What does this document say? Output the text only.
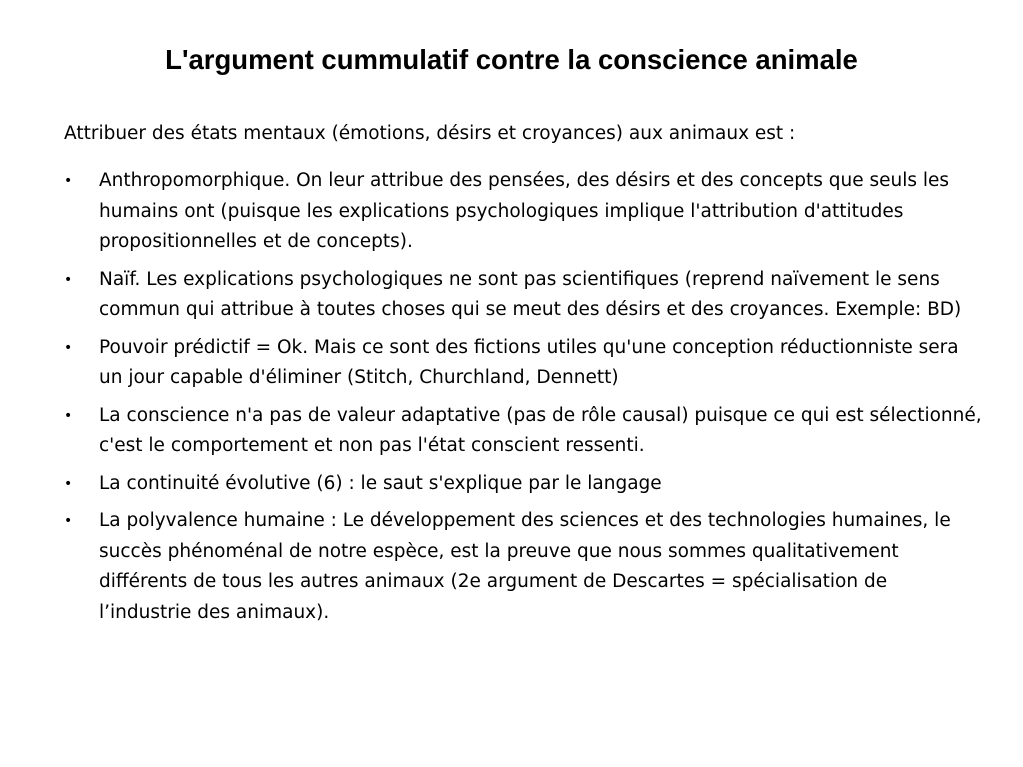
L'argument cummulatif contre la conscience animale

Attribuer des états mentaux (émotions, désirs et croyances) aux animaux est :

• Anthropomorphique. On leur attribue des pensées, des désirs et des concepts que seuls les humains ont (puisque les explications psychologiques implique l'attribution d'attitudes propositionnelles et de concepts).
• Naïf. Les explications psychologiques ne sont pas scientifiques (reprend naïvement le sens commun qui attribue à toutes choses qui se meut des désirs et des croyances. Exemple: BD)
• Pouvoir prédictif = Ok. Mais ce sont des fictions utiles qu'une conception réductionniste sera un jour capable d'éliminer (Stitch, Churchland, Dennett)
• La conscience n'a pas de valeur adaptative (pas de rôle causal) puisque ce qui est sélectionné, c'est le comportement et non pas l'état conscient ressenti.
• La continuité évolutive (6) : le saut s'explique par le langage
• La polyvalence humaine : Le développement des sciences et des technologies humaines, le succès phénoménal de notre espèce, est la preuve que nous sommes qualitativement différents de tous les autres animaux (2e argument de Descartes = spécialisation de l’industrie des animaux).
